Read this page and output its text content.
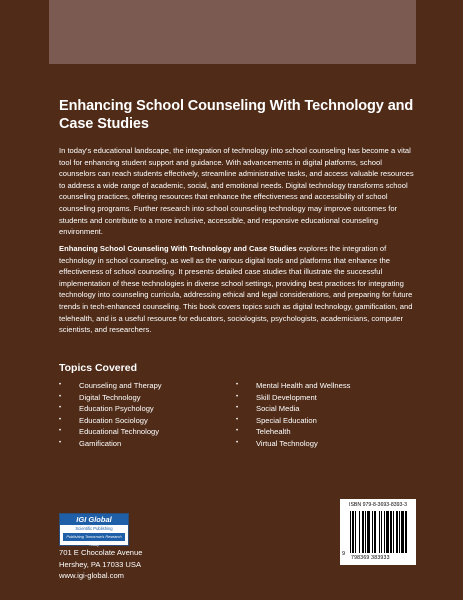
Enhancing School Counseling With Technology and Case Studies
In today's educational landscape, the integration of technology into school counseling has become a vital tool for enhancing student support and guidance. With advancements in digital platforms, school counselors can reach students effectively, streamline administrative tasks, and access valuable resources to address a wide range of academic, social, and emotional needs. Digital technology transforms school counseling practices, offering resources that enhance the effectiveness and accessibility of school counseling programs. Further research into school counseling technology may improve outcomes for students and contribute to a more inclusive, accessible, and responsive educational counseling environment.
Enhancing School Counseling With Technology and Case Studies explores the integration of technology in school counseling, as well as the various digital tools and platforms that enhance the effectiveness of school counseling. It presents detailed case studies that illustrate the successful implementation of these technologies in diverse school settings, providing best practices for integrating technology into counseling curricula, addressing ethical and legal considerations, and preparing for future trends in tech-enhanced counseling. This book covers topics such as digital technology, gamification, and telehealth, and is a useful resource for educators, sociologists, psychologists, academicians, computer scientists, and researchers.
Topics Covered
• Counseling and Therapy
• Digital Technology
• Education Psychology
• Education Sociology
• Educational Technology
• Gamification
• Mental Health and Wellness
• Skill Development
• Social Media
• Special Education
• Telehealth
• Virtual Technology
IGI Global
Scientific Publishing
Publishing Tomorrow's Research Today
701 E Chocolate Avenue
Hershey, PA 17033 USA
www.igi-global.com
ISBN 979-8-3693-8393-3
9
798369 383933
